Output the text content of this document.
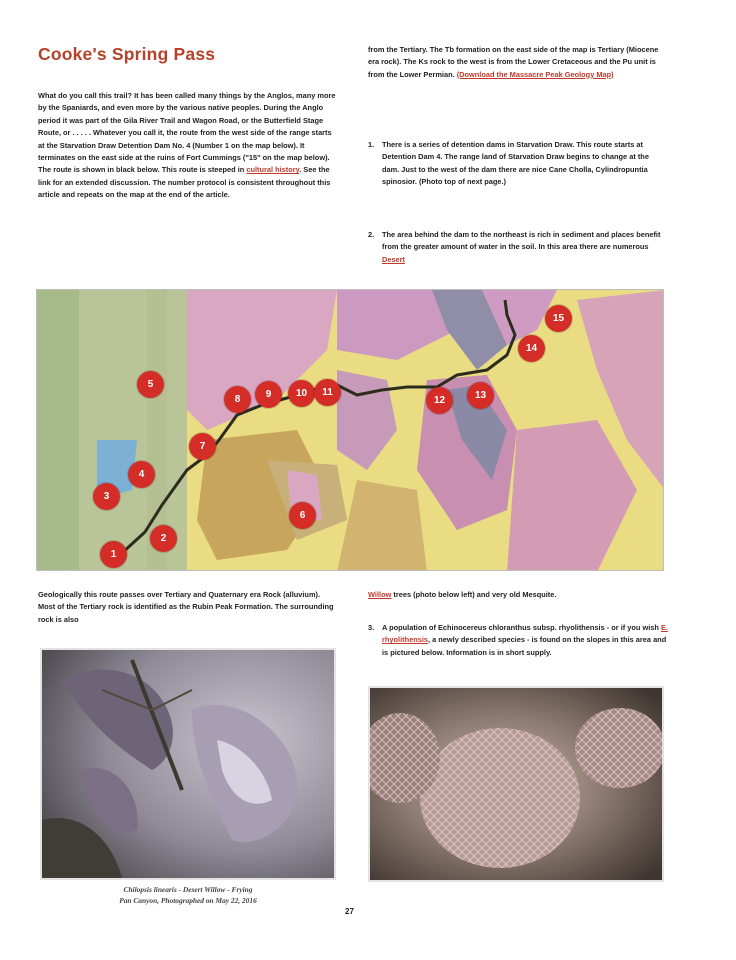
Cooke's Spring Pass
What do you call this trail? It has been called many things by the Anglos, many more by the Spaniards, and even more by the various native peoples. During the Anglo period it was part of the Gila River Trail and Wagon Road, or the Butterfield Stage Route, or . . . . . Whatever you call it, the route from the west side of the range starts at the Starvation Draw Detention Dam No. 4 (Number 1 on the map below). It terminates on the east side at the ruins of Fort Cummings ("15" on the map below). The route is shown in black below. This route is steeped in cultural history. See the link for an extended discussion. The number protocol is consistent throughout this article and repeats on the map at the end of the article.
from the Tertiary. The Tb formation on the east side of the map is Tertiary (Miocene era rock). The Ks rock to the west is from the Lower Cretaceous and the Pu unit is from the Lower Permian. (Download the Massacre Peak Geology Map)
1.	There is a series of detention dams in Starvation Draw. This route starts at Detention Dam 4. The range land of Starvation Draw begins to change at the dam. Just to the west of the dam there are nice Cane Cholla, Cylindropuntia spinosior. (Photo top of next page.)
2.	The area behind the dam to the northeast is rich in sediment and places benefit from the greater amount of water in the soil. In this area there are numerous Desert
1
2
3
4
5
6
7
8	9	10	11
12	13
14
15
Geologically this route passes over Tertiary and Quaternary era Rock (alluvium). Most of the Tertiary rock is identified as the Rubin Peak Formation. The surrounding rock is also
Willow trees (photo below left) and very old Mesquite.
3.	A population of Echinocereus chloranthus subsp. rhyolithensis - or if you wish E. rhyolithensis, a newly described species - is found on the slopes in this area and is pictured below. Information is in short supply.
Chilopsis linearis - Desert Willow - Frying
Pan Canyon, Photographed on May 22, 2016
27
